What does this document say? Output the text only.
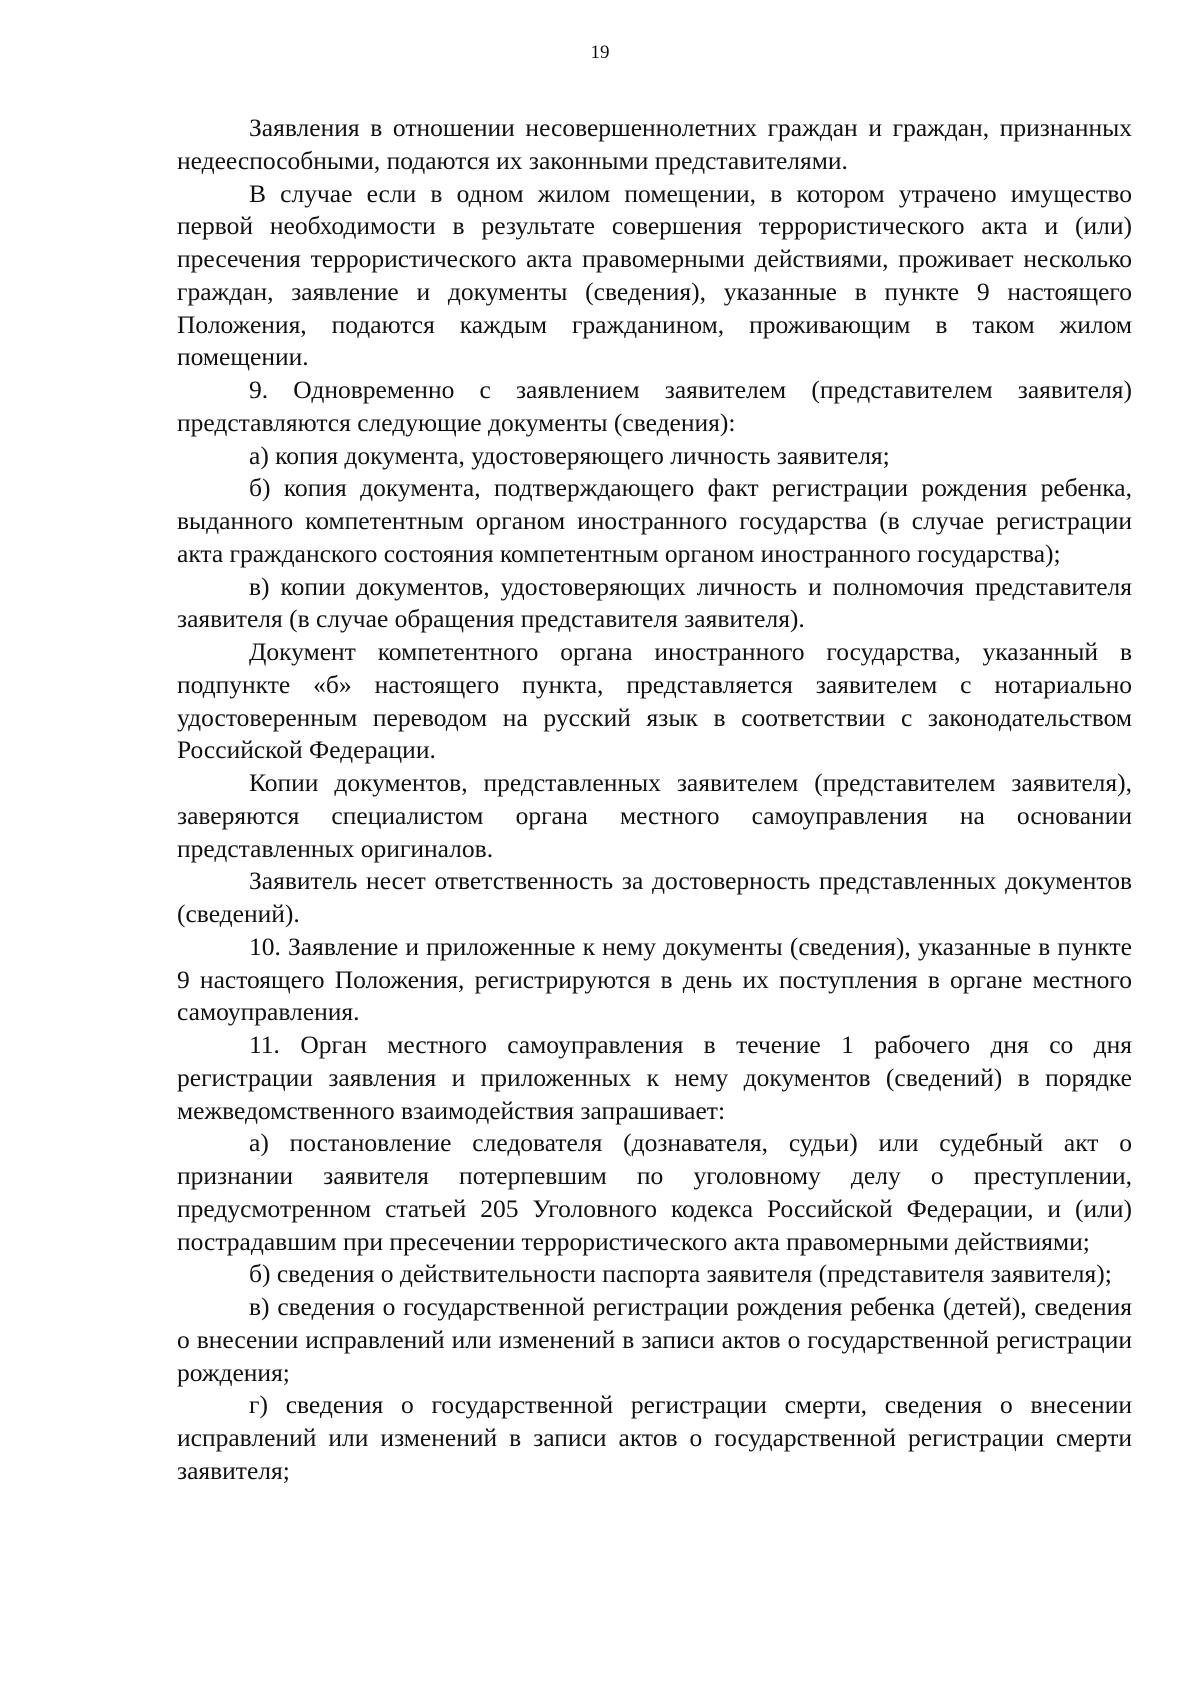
19

Заявления в отношении несовершеннолетних граждан и граждан, признанных недееспособными, подаются их законными представителями.

В случае если в одном жилом помещении, в котором утрачено имущество первой необходимости в результате совершения террористического акта и (или) пресечения террористического акта правомерными действиями, проживает несколько граждан, заявление и документы (сведения), указанные в пункте 9 настоящего Положения, подаются каждым гражданином, проживающим в таком жилом помещении.

9. Одновременно с заявлением заявителем (представителем заявителя) представляются следующие документы (сведения):

а) копия документа, удостоверяющего личность заявителя;

б) копия документа, подтверждающего факт регистрации рождения ребенка, выданного компетентным органом иностранного государства (в случае регистрации акта гражданского состояния компетентным органом иностранного государства);

в) копии документов, удостоверяющих личность и полномочия представителя заявителя (в случае обращения представителя заявителя).

Документ компетентного органа иностранного государства, указанный в подпункте «б» настоящего пункта, представляется заявителем с нотариально удостоверенным переводом на русский язык в соответствии с законодательством Российской Федерации.

Копии документов, представленных заявителем (представителем заявителя), заверяются специалистом органа местного самоуправления на основании представленных оригиналов.

Заявитель несет ответственность за достоверность представленных документов (сведений).

10. Заявление и приложенные к нему документы (сведения), указанные в пункте 9 настоящего Положения, регистрируются в день их поступления в органе местного самоуправления.

11. Орган местного самоуправления в течение 1 рабочего дня со дня регистрации заявления и приложенных к нему документов (сведений) в порядке межведомственного взаимодействия запрашивает:

а) постановление следователя (дознавателя, судьи) или судебный акт о признании заявителя потерпевшим по уголовному делу о преступлении, предусмотренном статьей 205 Уголовного кодекса Российской Федерации, и (или) пострадавшим при пресечении террористического акта правомерными действиями;

б) сведения о действительности паспорта заявителя (представителя заявителя);

в) сведения о государственной регистрации рождения ребенка (детей), сведения о внесении исправлений или изменений в записи актов о государственной регистрации рождения;

г) сведения о государственной регистрации смерти, сведения о внесении исправлений или изменений в записи актов о государственной регистрации смерти заявителя;
